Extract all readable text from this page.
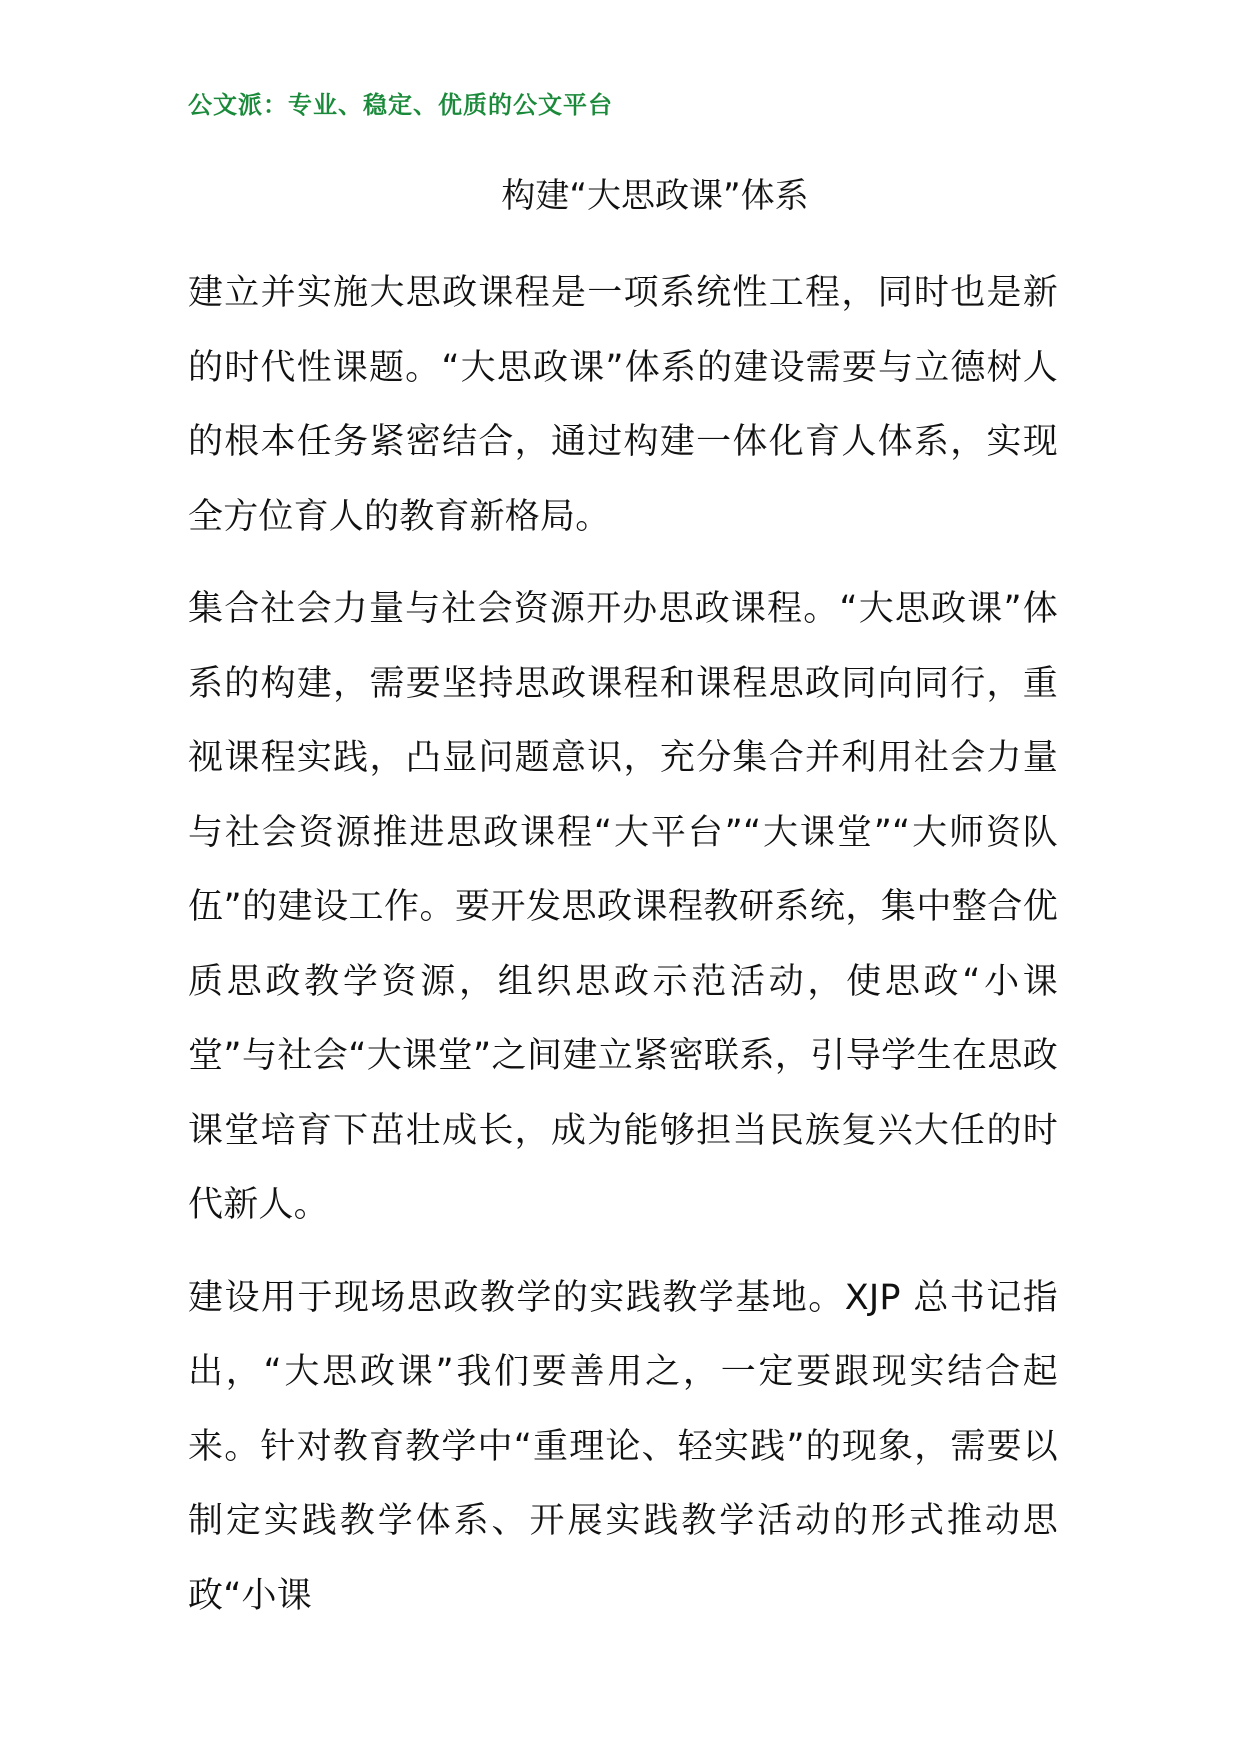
公文派：专业、稳定、优质的公文平台
构建“大思政课”体系

建立并实施大思政课程是一项系统性工程，同时也是新的时代性课题。“大思政课”体系的建设需要与立德树人的根本任务紧密结合，通过构建一体化育人体系，实现全方位育人的教育新格局。

集合社会力量与社会资源开办思政课程。“大思政课”体系的构建，需要坚持思政课程和课程思政同向同行，重视课程实践，凸显问题意识，充分集合并利用社会力量与社会资源推进思政课程“大平台”“大课堂”“大师资队伍”的建设工作。要开发思政课程教研系统，集中整合优质思政教学资源，组织思政示范活动，使思政“小课堂”与社会“大课堂”之间建立紧密联系，引导学生在思政课堂培育下茁壮成长，成为能够担当民族复兴大任的时代新人。

建设用于现场思政教学的实践教学基地。XJP 总书记指出，“大思政课”我们要善用之，一定要跟现实结合起来。针对教育教学中“重理论、轻实践”的现象，需要以制定实践教学体系、开展实践教学活动的形式推动思政“小课
